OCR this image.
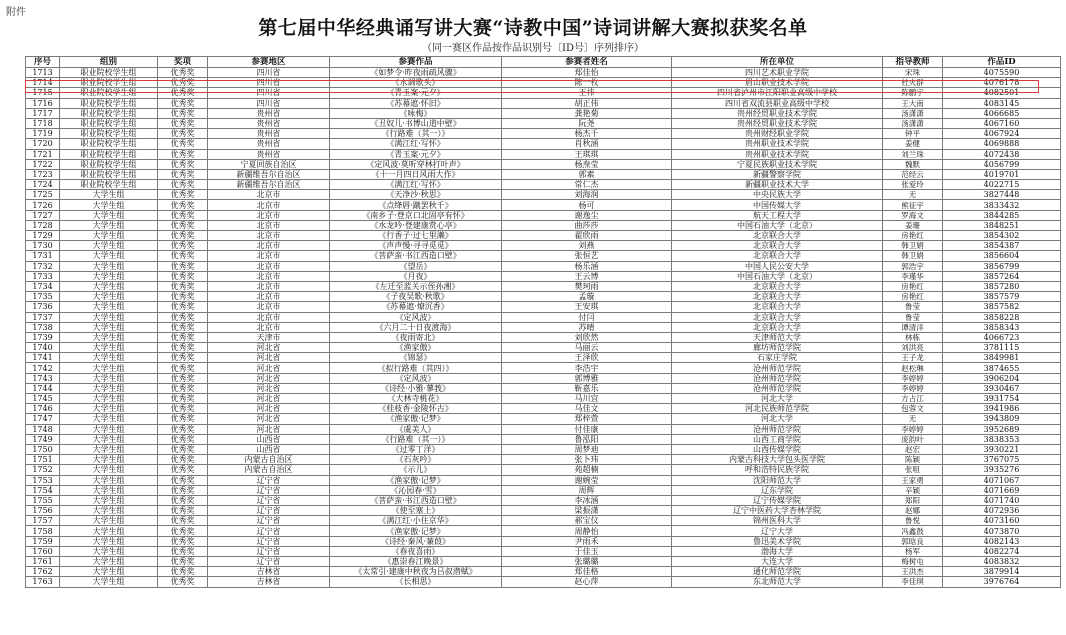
附件
第七届中华经典诵写讲大赛“诗教中国”诗词讲解大赛拟获奖名单
（同一赛区作品按作品识别号〔ID号〕序列排序）
序号	组别	奖项	参赛地区	参赛作品	参赛者姓名	所在单位	指导教师	作品ID
1713	职业院校学生组	优秀奖	四川省	《如梦令·昨夜雨疏风骤》	郑佳怡	四川艺术职业学院	宋珠	4075590
1714	职业院校学生组	优秀奖	四川省	《水调歌头》	陈一枚	眉山职业技术学院	杜火群	4076178
1715	职业院校学生组	优秀奖	四川省	《青玉案·元夕》	王祎	四川省泸州市江阳职业高级中学校	陈鹏宇	4082501
1716	职业院校学生组	优秀奖	四川省	《苏幕遮·怀旧》	胡正伟	四川省双流县职业高级中学校	王大南	4083145
1717	职业院校学生组	优秀奖	贵州省	《咏梅》	龚艳菊	贵州经贸职业技术学院	汤潇潇	4066685
1718	职业院校学生组	优秀奖	贵州省	《丑奴儿·书博山道中壁》	阮尧	贵州经贸职业技术学院	汤潇潇	4067160
1719	职业院校学生组	优秀奖	贵州省	《行路难（其一）》	杨杰千	贵州财经职业学院	钟平	4067924
1720	职业院校学生组	优秀奖	贵州省	《满江红·写怀》	肖秋涵	贵州职业技术学院	姜健	4069888
1721	职业院校学生组	优秀奖	贵州省	《青玉案·元夕》	王琪琪	贵州职业技术学院	刘兰珠	4072438
1722	职业院校学生组	优秀奖	宁夏回族自治区	《定风波·莫听穿林打叶声》	杨焘莹	宁夏民族职业技术学院	魏默	4056799
1723	职业院校学生组	优秀奖	新疆维吾尔自治区	《十一月四日风雨大作》	郭素	新疆警察学院	范经云	4019701
1724	职业院校学生组	优秀奖	新疆维吾尔自治区	《满江红·写怀》	常仁杰	新疆职业技术大学	张爱玲	4022715
1725	大学生组	优秀奖	北京市	《天净沙·秋思》	刘海润	中央民族大学	无	3827448
1726	大学生组	优秀奖	北京市	《点绛唇·蹴罢秋千》	杨可	中国传媒大学	熊征宇	3833432
1727	大学生组	优秀奖	北京市	《南乡子·登京口北固亭有怀》	谢逸尘	航天工程大学	罗海文	3844285
1728	大学生组	优秀奖	北京市	《水龙吟·登建康赏心亭》	曲莎莎	中国石油大学（北京）	姜珊	3848251
1729	大学生组	优秀奖	北京市	《行香子·过七里濑》	翟欣雨	北京联合大学	房艳红	3854302
1730	大学生组	优秀奖	北京市	《声声慢·寻寻觅觅》	刘燕	北京联合大学	韩卫娟	3854387
1731	大学生组	优秀奖	北京市	《菩萨蛮·书江西造口壁》	张恒艺	北京联合大学	韩卫娟	3856604
1732	大学生组	优秀奖	北京市	《望岳》	杨乐涵	中国人民公安大学	郭浩宇	3856799
1733	大学生组	优秀奖	北京市	《月夜》	王云博	中国石油大学（北京）	李瑾华	3857264
1734	大学生组	优秀奖	北京市	《左迁至蓝关示侄孙湘》	樊珂雨	北京联合大学	房艳红	3857280
1735	大学生组	优秀奖	北京市	《子夜吴歌·秋歌》	孟璇	北京联合大学	房艳红	3857579
1736	大学生组	优秀奖	北京市	《苏幕遮·燎沉香》	王安琪	北京联合大学	鲁莹	3857582
1737	大学生组	优秀奖	北京市	《定风波》	付闫	北京联合大学	鲁莹	3858228
1738	大学生组	优秀奖	北京市	《六月二十日夜渡海》	苏晴	北京联合大学	谭清洋	3858343
1739	大学生组	优秀奖	天津市	《夜雨寄北》	刘欣然	天津师范大学	林栋	4066723
1740	大学生组	优秀奖	河北省	《渔家傲》	马丽云	廊坊师范学院	刘洪亮	3781115
1741	大学生组	优秀奖	河北省	《锦瑟》	王泽欣	石家庄学院	王子龙	3849981
1742	大学生组	优秀奖	河北省	《拟行路难（其四）》	李浩宇	沧州师范学院	赵松琳	3874655
1743	大学生组	优秀奖	河北省	《定风波》	郭博雅	沧州师范学院	李婷婷	3906204
1744	大学生组	优秀奖	河北省	《诗经·小雅·蓼莪》	靳嘉乐	沧州师范学院	李婷婷	3930467
1745	大学生组	优秀奖	河北省	《大林寺桃花》	马川宜	河北大学	方占江	3931754
1746	大学生组	优秀奖	河北省	《桂枝香·金陵怀古》	马佳文	河北民族师范学院	包蓉文	3941986
1747	大学生组	优秀奖	河北省	《渔家傲·记梦》	郑梓萱	河北大学	无	3943809
1748	大学生组	优秀奖	河北省	《虞美人》	付佳康	沧州师范学院	李婷婷	3952689
1749	大学生组	优秀奖	山西省	《行路难（其一）》	鲁泓阳	山西工商学院	庞韵叶	3838353
1750	大学生组	优秀奖	山西省	《过零丁洋》	周梦迪	山西传媒学院	赵宏	3930221
1751	大学生组	优秀奖	内蒙古自治区	《石灰吟》	张卜玮	内蒙古科技大学包头医学院	陈颖	3767075
1752	大学生组	优秀奖	内蒙古自治区	《示儿》	苑超楠	呼和浩特民族学院	张咀	3935276
1753	大学生组	优秀奖	辽宁省	《渔家傲·记梦》	谢婉莹	沈阳师范大学	王家勇	4071067
1754	大学生组	优秀奖	辽宁省	《沁园春·雪》	周辉	辽东学院	辛颖	4071669
1755	大学生组	优秀奖	辽宁省	《菩萨蛮·书江西造口壁》	李冰涵	辽宁传媒学院	郑阳	4071740
1756	大学生组	优秀奖	辽宁省	《使至塞上》	梁振潇	辽宁中医药大学杏林学院	赵娜	4072936
1757	大学生组	优秀奖	辽宁省	《满江红·小住京华》	郝宝仪	锦州医科大学	鲁悦	4073160
1758	大学生组	优秀奖	辽宁省	《渔家傲·记梦》	周静怡	辽宁大学	冯鑫鼓	4073870
1759	大学生组	优秀奖	辽宁省	《诗经·秦风·蒹葭》	尹雨禾	鲁迅美术学院	郭晗良	4082143
1760	大学生组	优秀奖	辽宁省	《春夜喜雨》	于佳玉	渤海大学	杨军	4082274
1761	大学生组	优秀奖	辽宁省	《惠崇春江晚景》	张璐璐	大连大学	梅树屯	4083832
1762	大学生组	优秀奖	吉林省	《太常引·建康中秋夜为吕叔潜赋》	郑佳格	通化师范学院	王洪杰	3879914
1763	大学生组	优秀奖	吉林省	《长相思》	赵心萍	东北师范大学	李佳琪	3976764
